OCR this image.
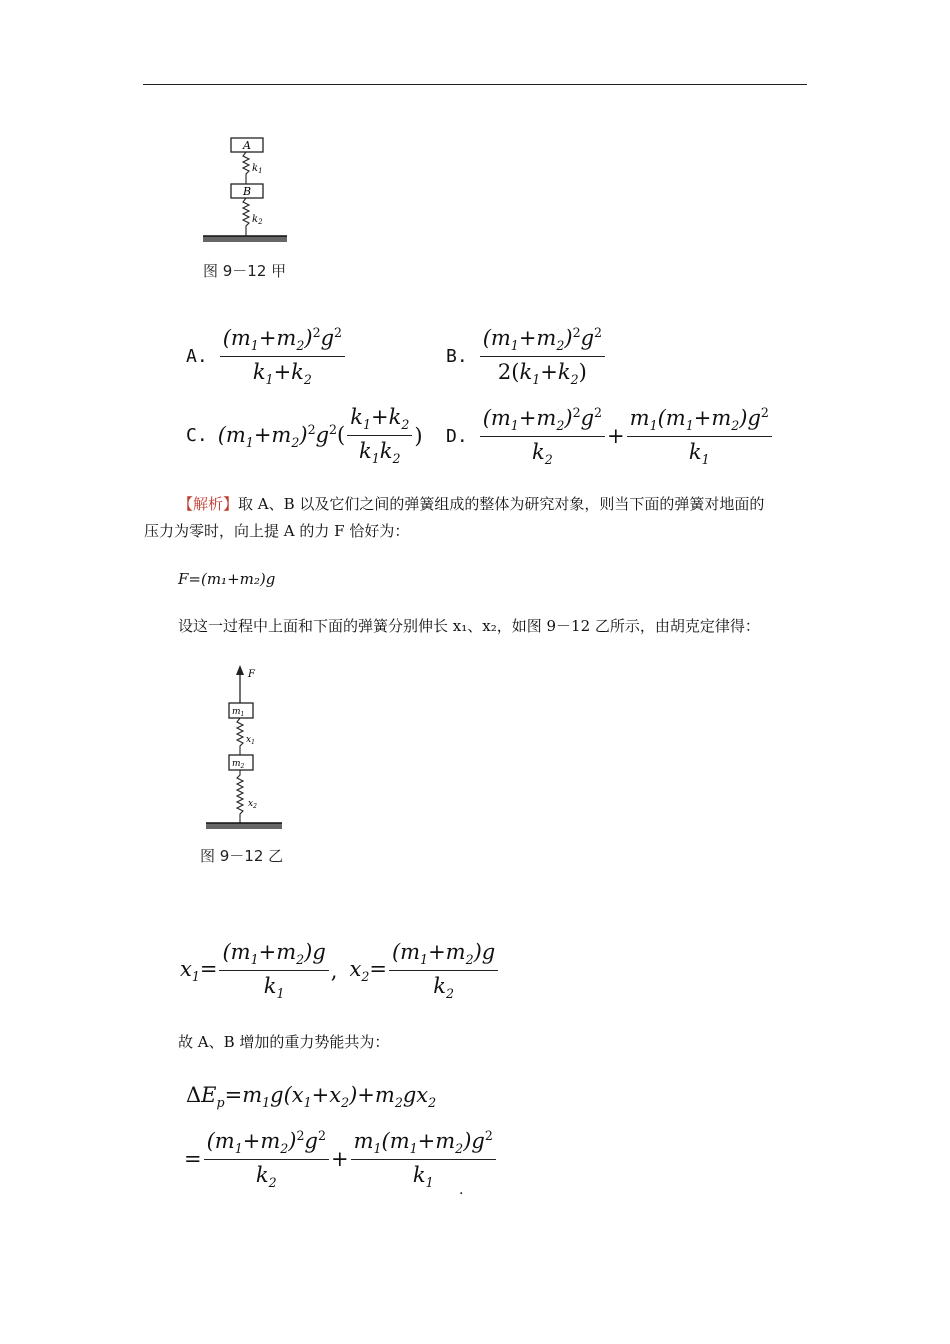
A
$k_1$
B
$k_2$
图 9－12 甲
A. $\frac{(m_1+m_2)^2g^2}{k_1+k_2}$	B. $\frac{(m_1+m_2)^2g^2}{2(k_1+k_2)}$
C. $(m_1+m_2)^2g^2( \frac{k_1+k_2}{k_1k_2}$ ) D. $\frac{(m_1+m_2)^2g^2}{k_2} + \frac{m_1(m_1+m_2)g^2}{k_1}$
【解析】取 A、B 以及它们之间的弹簧组成的整体为研究对象，则当下面的弹簧对地面的
压力为零时，向上提 A 的力 F 恰好为：
F=(m₁+m₂)g
设这一过程中上面和下面的弹簧分别伸长 x₁、x₂，如图 9－12 乙所示，由胡克定律得：
F
$m_1$
$x_1$
$m_2$
$x_2$
图 9－12 乙
$x_1= \frac{(m_1+m_2)g}{k_1}$ , $x_2= \frac{(m_1+m_2)g}{k_2}$
故 A、B 增加的重力势能共为：
$\Delta E_p=m_1g(x_1+x_2)+m_2gx_2$
= $\frac{(m_1+m_2)^2g^2}{k_2} + \frac{m_1(m_1+m_2)g^2}{k_1}$
.
